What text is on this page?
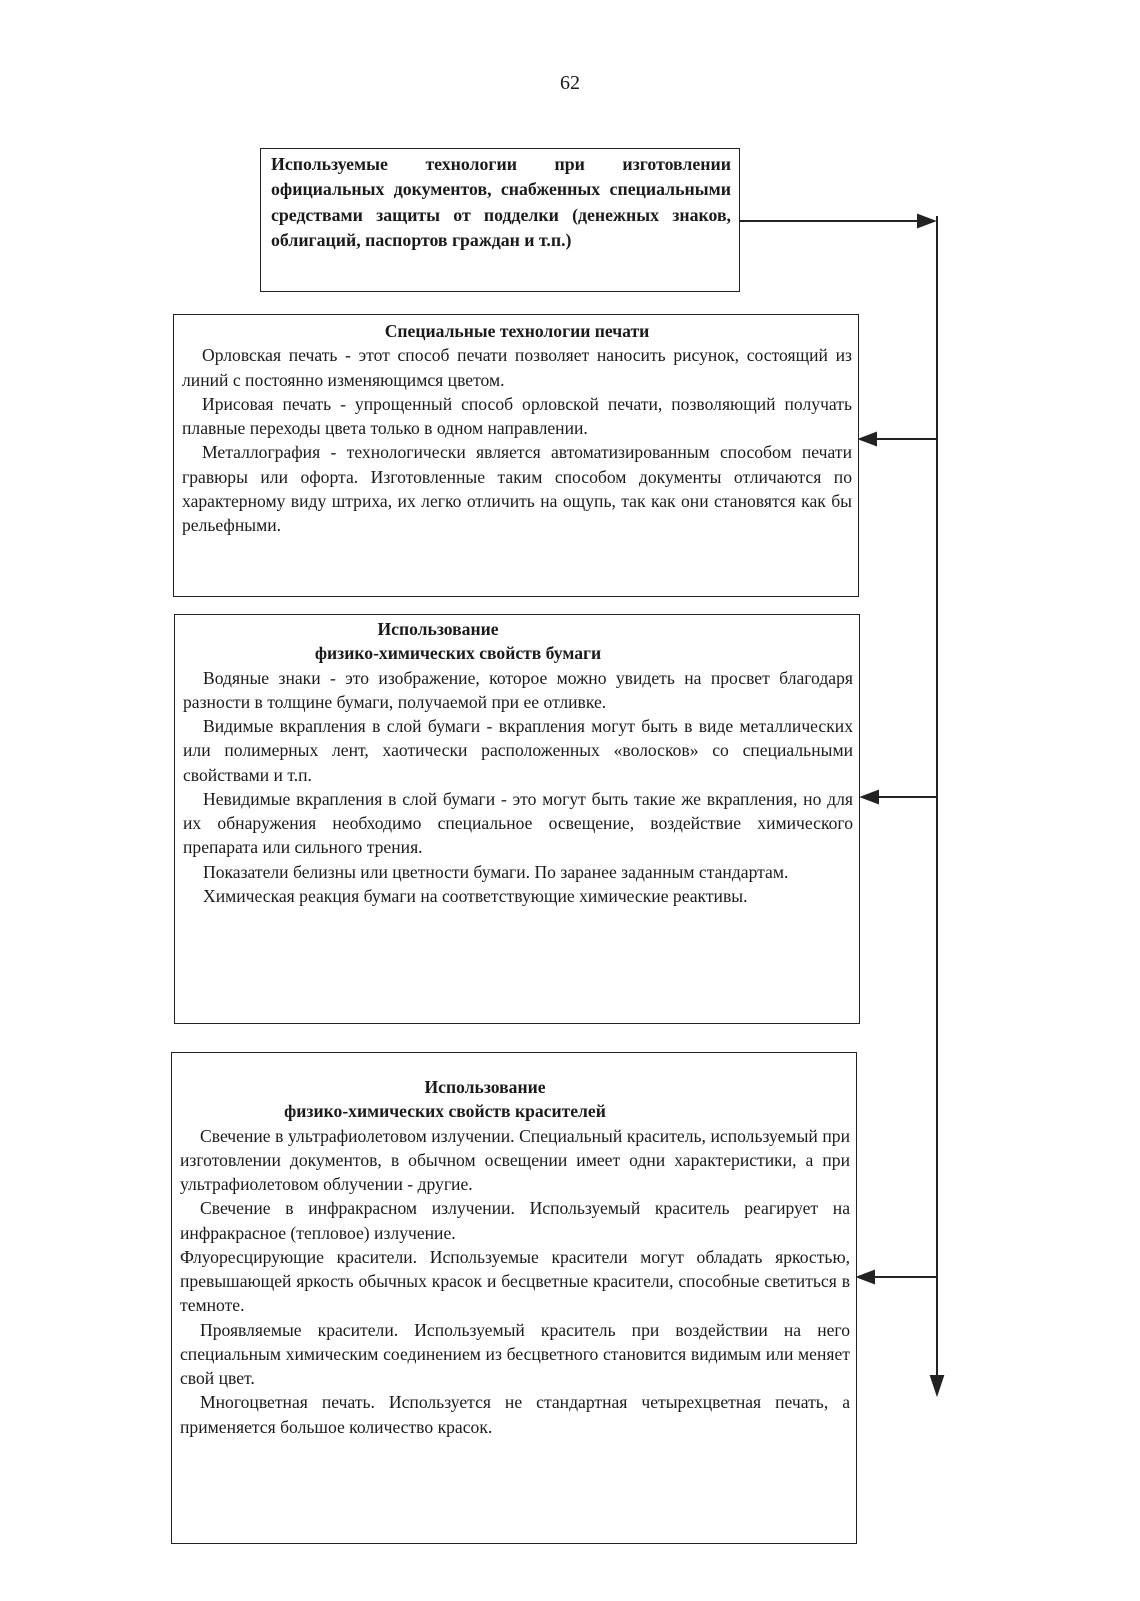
62

Используемые технологии при изготовлении официальных документов, снабженных специальными средствами защиты от подделки (денежных знаков, облигаций, паспортов граждан и т.п.)

Специальные технологии печати

Орловская печать - этот способ печати позволяет наносить рисунок, состоящий из линий с постоянно изменяющимся цветом.

Ирисовая печать - упрощенный способ орловской печати, позволяющий получать плавные переходы цвета только в одном направлении.

Металлография - технологически является автоматизированным способом печати гравюры или офорта. Изготовленные таким способом документы отличаются по характерному виду штриха, их легко отличить на ощупь, так как они становятся как бы рельефными.

Использование
физико-химических свойств бумаги

Водяные знаки - это изображение, которое можно увидеть на просвет благодаря разности в толщине бумаги, получаемой при ее отливке.

Видимые вкрапления в слой бумаги - вкрапления могут быть в виде металлических или полимерных лент, хаотически расположенных «волосков» со специальными свойствами и т.п.

Невидимые вкрапления в слой бумаги - это могут быть такие же вкрапления, но для их обнаружения необходимо специальное освещение, воздействие химического препарата или сильного трения.

Показатели белизны или цветности бумаги. По заранее заданным стандартам.

Химическая реакция бумаги на соответствующие химические реактивы.

Использование
физико-химических свойств красителей

Свечение в ультрафиолетовом излучении. Специальный краситель, используемый при изготовлении документов, в обычном освещении имеет одни характеристики, а при ультрафиолетовом облучении - другие.

Свечение в инфракрасном излучении. Используемый краситель реагирует на инфракрасное (тепловое) излучение.

Флуоресцирующие красители. Используемые красители могут обладать яркостью, превышающей яркость обычных красок и бесцветные красители, способные светиться в темноте.

Проявляемые красители. Используемый краситель при воздействии на него специальным химическим соединением из бесцветного становится видимым или меняет свой цвет.

Многоцветная печать. Используется не стандартная четырехцветная печать, а применяется большое количество красок.
